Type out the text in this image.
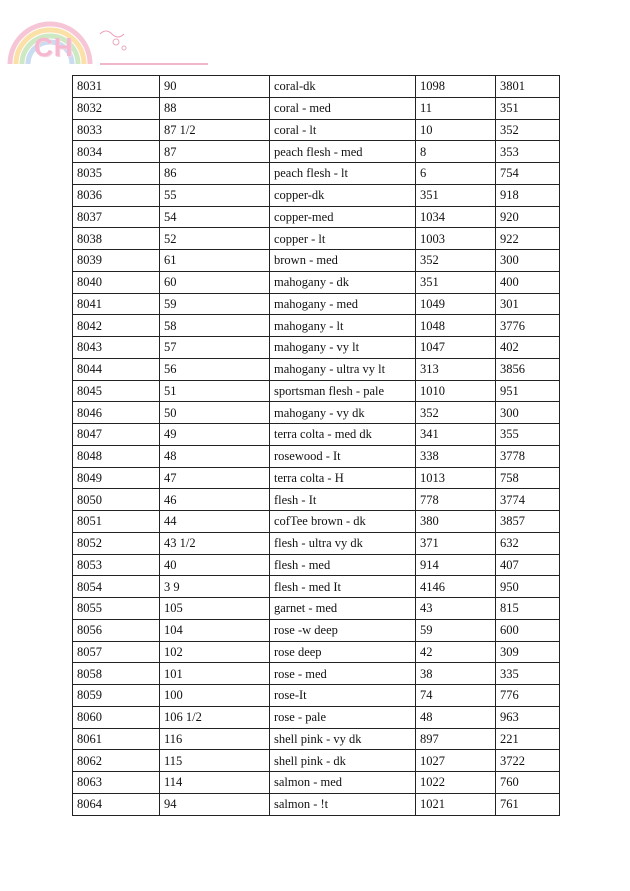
CH
8031	90	coral-dk	1098	3801
8032	88	coral - med	11	351
8033	87 1/2	coral - lt	10	352
8034	87	peach flesh - med	8	353
8035	86	peach flesh - lt	6	754
8036	55	copper-dk	351	918
8037	54	copper-med	1034	920
8038	52	copper - lt	1003	922
8039	61	brown - med	352	300
8040	60	mahogany - dk	351	400
8041	59	mahogany - med	1049	301
8042	58	mahogany - lt	1048	3776
8043	57	mahogany - vy lt	1047	402
8044	56	mahogany - ultra vy lt	313	3856
8045	51	sportsman flesh - pale	1010	951
8046	50	mahogany - vy dk	352	300
8047	49	terra colta - med dk	341	355
8048	48	rosewood - It	338	3778
8049	47	terra colta - H	1013	758
8050	46	flesh - It	778	3774
8051	44	cofTee brown - dk	380	3857
8052	43 1/2	flesh - ultra vy dk	371	632
8053	40	flesh - med	914	407
8054	3 9	flesh - med It	4146	950
8055	105	garnet - med	43	815
8056	104	rose -w deep	59	600
8057	102	rose deep	42	309
8058	101	rose - med	38	335
8059	100	rose-It	74	776
8060	106 1/2	rose - pale	48	963
8061	116	shell pink - vy dk	897	221
8062	115	shell pink - dk	1027	3722
8063	114	salmon - med	1022	760
8064	94	salmon - !t	1021	761
